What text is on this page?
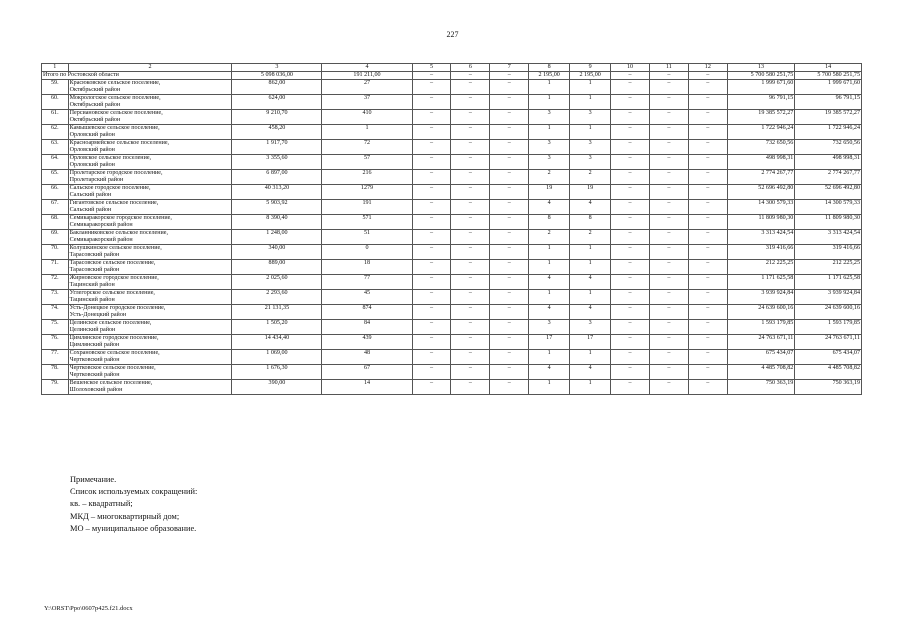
227
1	2	3	4	5	6	7	8	9	10	11	12	13	14
Итого по Ростовской области		5 098 036,00	191 211,00	–	–	–	2 195,00	2 195,00	–	–	–	5 700 580 251,75	5 700 580 251,75
59.	Красюковское сельское поселение,
Октябрьский район	862,00	27	–	–	–	1	1	–	–	–	1 999 671,60	1 999 671,60
60.	Мокрологское сельское поселение,
Октябрьский район	624,00	37	–	–	–	1	1	–	–	–	96 791,15	96 791,15
61.	Персиановское сельское поселение,
Октябрьский район	9 210,70	410	–	–	–	3	3	–	–	–	19 385 572,27	19 385 572,27
62.	Камышевское сельское поселение,
Орловский район	458,20	1	–	–	–	1	1	–	–	–	1 722 946,24	1 722 946,24
63.	Красноармейское сельское поселение,
Орловский район	1 917,70	72	–	–	–	3	3	–	–	–	732 650,56	732 650,56
64.	Орловское сельское поселение,
Орловский район	3 355,60	57	–	–	–	3	3	–	–	–	498 998,31	498 998,31
65.	Пролетарское городское поселение,
Пролетарский район	6 897,00	216	–	–	–	2	2	–	–	–	2 774 267,77	2 774 267,77
66.	Сальское городское поселение,
Сальский район	40 313,20	1279	–	–	–	19	19	–	–	–	52 696 492,80	52 696 492,80
67.	Гигантовское сельское поселение,
Сальский район	5 903,92	191	–	–	–	4	4	–	–	–	14 300 579,33	14 300 579,33
68.	Семикаракорское городское поселение,
Семикаракорский район	8 390,40	571	–	–	–	8	8	–	–	–	11 809 980,30	11 809 980,30
69.	Бакланниковское сельское поселение,
Семикаракорский район	1 248,00	51	–	–	–	2	2	–	–	–	3 313 424,54	3 313 424,54
70.	Колушкинское сельское поселение,
Тарасовский район	340,00	0	–	–	–	1	1	–	–	–	319 416,66	319 416,66
71.	Тарасовское сельское поселение,
Тарасовский район	889,00	18	–	–	–	1	1	–	–	–	212 225,25	212 225,25
72.	Жирновское городское поселение,
Тацинский район	2 025,60	77	–	–	–	4	4	–	–	–	1 171 625,58	1 171 625,58
73.	Углегорское сельское поселение,
Тацинский район	2 293,60	45	–	–	–	1	1	–	–	–	3 939 924,84	3 939 924,84
74.	Усть-Донецкое городское поселение,
Усть-Донецкий район	21 131,35	874	–	–	–	4	4	–	–	–	24 639 600,16	24 639 600,16
75.	Целинское сельское поселение,
Целинский район	1 505,20	84	–	–	–	3	3	–	–	–	1 593 179,85	1 593 179,85
76.	Цимлянское городское поселение,
Цимлянский район	14 434,40	439	–	–	–	17	17	–	–	–	24 763 671,11	24 763 671,11
77.	Сохрановское сельское поселение,
Чертковский район	1 069,00	48	–	–	–	1	1	–	–	–	675 434,07	675 434,07
78.	Чертковское сельское поселение,
Чертковский район	1 676,30	67	–	–	–	4	4	–	–	–	4 485 708,82	4 485 708,82
79.	Вешенское сельское поселение,
Шолоховский район	390,00	14	–	–	–	1	1	–	–	–	750 363,19	750 363,19
Примечание.
Список используемых сокращений:
кв. – квадратный;
МКД – многоквартирный дом;
МО – муниципальное образование.
Y:\ORST\Ppo\0607p425.f21.docx
